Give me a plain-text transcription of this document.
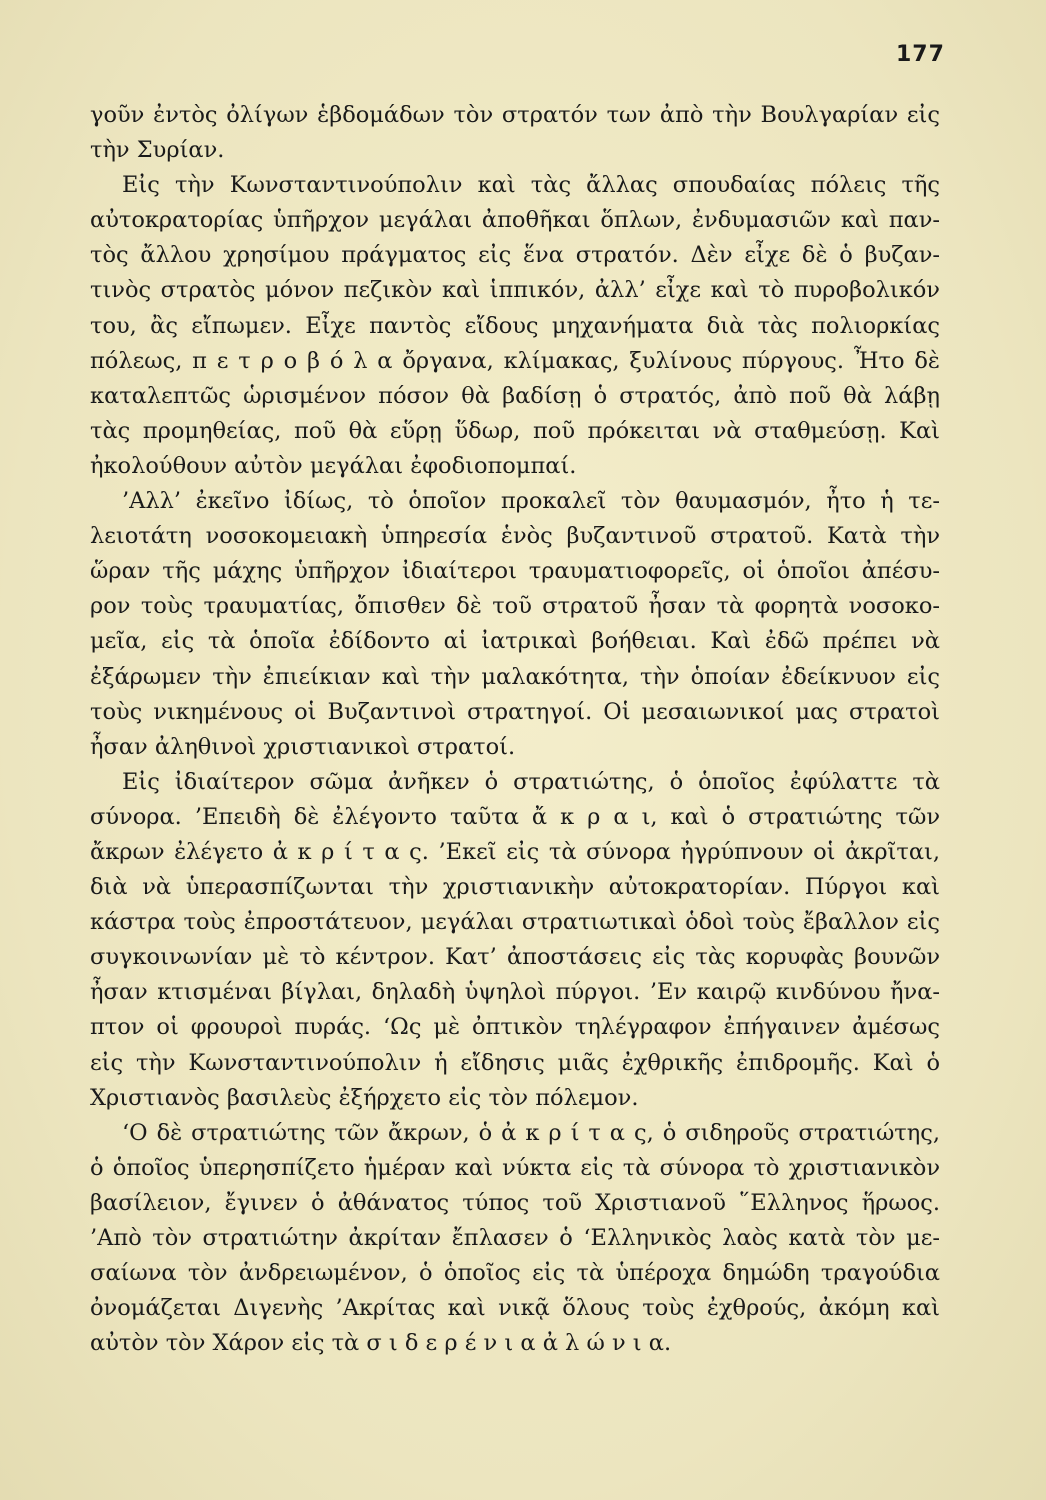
177
γοῦν ἐντὸς ὀλίγων ἑβδομάδων τὸν στρατόν των ἀπὸ τὴν Βουλγαρίαν εἰς
τὴν Συρίαν.
Εἰς τὴν Κωνσταντινούπολιν καὶ τὰς ἄλλας σπουδαίας πόλεις τῆς
αὐτοκρατορίας ὑπῆρχον μεγάλαι ἀποθῆκαι ὅπλων, ἐνδυμασιῶν καὶ παν-
τὸς ἄλλου χρησίμου πράγματος εἰς ἕνα στρατόν. Δὲν εἶχε δὲ ὁ βυζαν-
τινὸς στρατὸς μόνον πεζικὸν καὶ ἱππικόν, ἀλλ’ εἶχε καὶ τὸ πυροβολικόν
του, ἂς εἴπωμεν. Εἶχε παντὸς εἴδους μηχανήματα διὰ τὰς πολιορκίας
πόλεως, π ε τ ρ ο β ό λ α ὄργανα, κλίμακας, ξυλίνους πύργους. Ἦτο δὲ
καταλεπτῶς ὡρισμένον πόσον θὰ βαδίσῃ ὁ στρατός, ἀπὸ ποῦ θὰ λάβῃ
τὰς προμηθείας, ποῦ θὰ εὕρῃ ὕδωρ, ποῦ πρόκειται νὰ σταθμεύσῃ. Καὶ
ἠκολούθουν αὐτὸν μεγάλαι ἐφοδιοπομπαί.
’Αλλ’ ἐκεῖνο ἰδίως, τὸ ὁποῖον προκαλεῖ τὸν θαυμασμόν, ἦτο ἡ τε-
λειοτάτη νοσοκομειακὴ ὑπηρεσία ἑνὸς βυζαντινοῦ στρατοῦ. Κατὰ τὴν
ὥραν τῆς μάχης ὑπῆρχον ἰδιαίτεροι τραυματιοφορεῖς, οἱ ὁποῖοι ἀπέσυ-
ρον τοὺς τραυματίας, ὄπισθεν δὲ τοῦ στρατοῦ ἦσαν τὰ φορητὰ νοσοκο-
μεῖα, εἰς τὰ ὁποῖα ἐδίδοντο αἱ ἰατρικαὶ βοήθειαι. Καὶ ἐδῶ πρέπει νὰ
ἐξάρωμεν τὴν ἐπιείκιαν καὶ τὴν μαλακότητα, τὴν ὁποίαν ἐδείκνυον εἰς
τοὺς νικημένους οἱ Βυζαντινοὶ στρατηγοί. Οἱ μεσαιωνικοί μας στρατοὶ
ἦσαν ἀληθινοὶ χριστιανικοὶ στρατοί.
Εἰς ἰδιαίτερον σῶμα ἀνῆκεν ὁ στρατιώτης, ὁ ὁποῖος ἐφύλαττε τὰ
σύνορα. ’Επειδὴ δὲ ἐλέγοντο ταῦτα ἄ κ ρ α ι, καὶ ὁ στρατιώτης τῶν
ἄκρων ἐλέγετο ἀ κ ρ ί τ α ς. ’Εκεῖ εἰς τὰ σύνορα ἠγρύπνουν οἱ ἀκρῖται,
διὰ νὰ ὑπερασπίζωνται τὴν χριστιανικὴν αὐτοκρατορίαν. Πύργοι καὶ
κάστρα τοὺς ἐπροστάτευον, μεγάλαι στρατιωτικαὶ ὁδοὶ τοὺς ἔβαλλον εἰς
συγκοινωνίαν μὲ τὸ κέντρον. Κατ’ ἀποστάσεις εἰς τὰς κορυφὰς βουνῶν
ἦσαν κτισμέναι βίγλαι, δηλαδὴ ὑψηλοὶ πύργοι. ’Εν καιρῷ κινδύνου ἤνα-
πτον οἱ φρουροὶ πυράς. ‘Ως μὲ ὀπτικὸν τηλέγραφον ἐπήγαινεν ἀμέσως
εἰς τὴν Κωνσταντινούπολιν ἡ εἴδησις μιᾶς ἐχθρικῆς ἐπιδρομῆς. Καὶ ὁ
Χριστιανὸς βασιλεὺς ἐξήρχετο εἰς τὸν πόλεμον.
‘Ο δὲ στρατιώτης τῶν ἄκρων, ὁ ἀ κ ρ ί τ α ς, ὁ σιδηροῦς στρατιώτης,
ὁ ὁποῖος ὑπερησπίζετο ἡμέραν καὶ νύκτα εἰς τὰ σύνορα τὸ χριστιανικὸν
βασίλειον, ἔγινεν ὁ ἀθάνατος τύπος τοῦ Χριστιανοῦ ῞Ελληνος ἥρωος.
’Απὸ τὸν στρατιώτην ἀκρίταν ἔπλασεν ὁ ‘Ελληνικὸς λαὸς κατὰ τὸν με-
σαίωνα τὸν ἀνδρειωμένον, ὁ ὁποῖος εἰς τὰ ὑπέροχα δημώδη τραγούδια
ὀνομάζεται Διγενὴς ’Ακρίτας καὶ νικᾷ ὅλους τοὺς ἐχθρούς, ἀκόμη καὶ
αὐτὸν τὸν Χάρον εἰς τὰ σ ι δ ε ρ έ ν ι α ἀ λ ώ ν ι α.
